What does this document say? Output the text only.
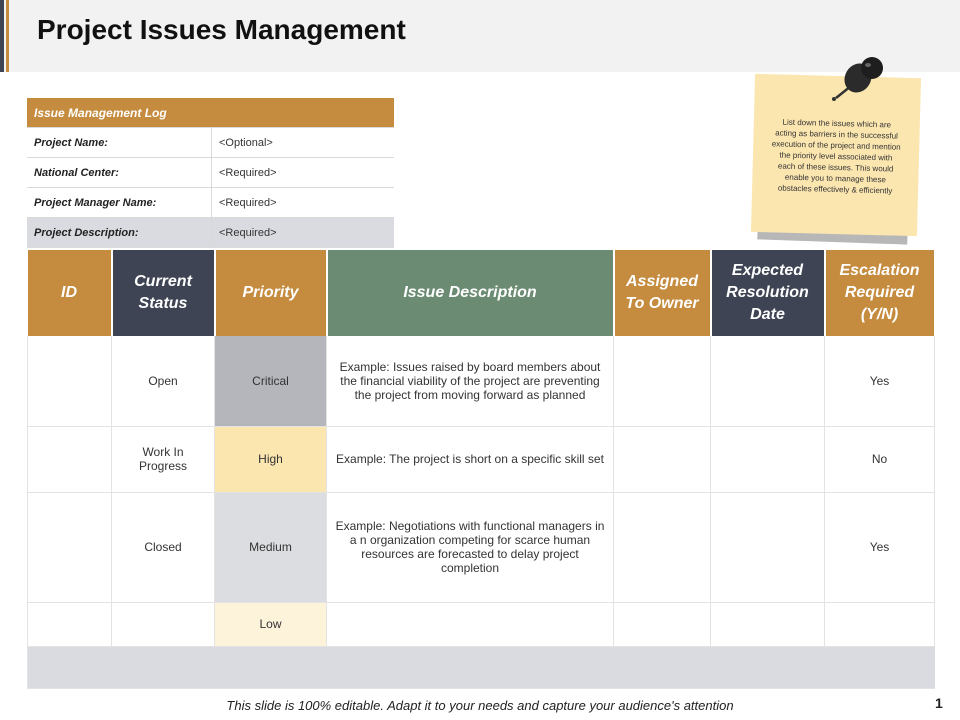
Project Issues Management
Issue Management Log	
Project Name:	<Optional>
National Center:	<Required>
Project Manager Name:	<Required>
Project Description:	<Required>
List down the issues which are acting as barriers in the successful execution of the project and mention the priority level associated with each of these issues. This would enable you to manage these obstacles effectively & efficiently
ID	Current Status	Priority	Issue Description	Assigned To Owner	Expected Resolution Date	Escalation Required (Y/N)
	Open	Critical	Example: Issues raised by board members about the financial viability of the project are preventing the project from moving forward as planned			Yes
	Work In Progress	High	Example: The project is short on a specific skill set			No
	Closed	Medium	Example: Negotiations with functional managers in a n organization competing for scarce human resources are forecasted to delay project completion			Yes
		Low				

This slide is 100% editable. Adapt it to your needs and capture your audience's attention	1
